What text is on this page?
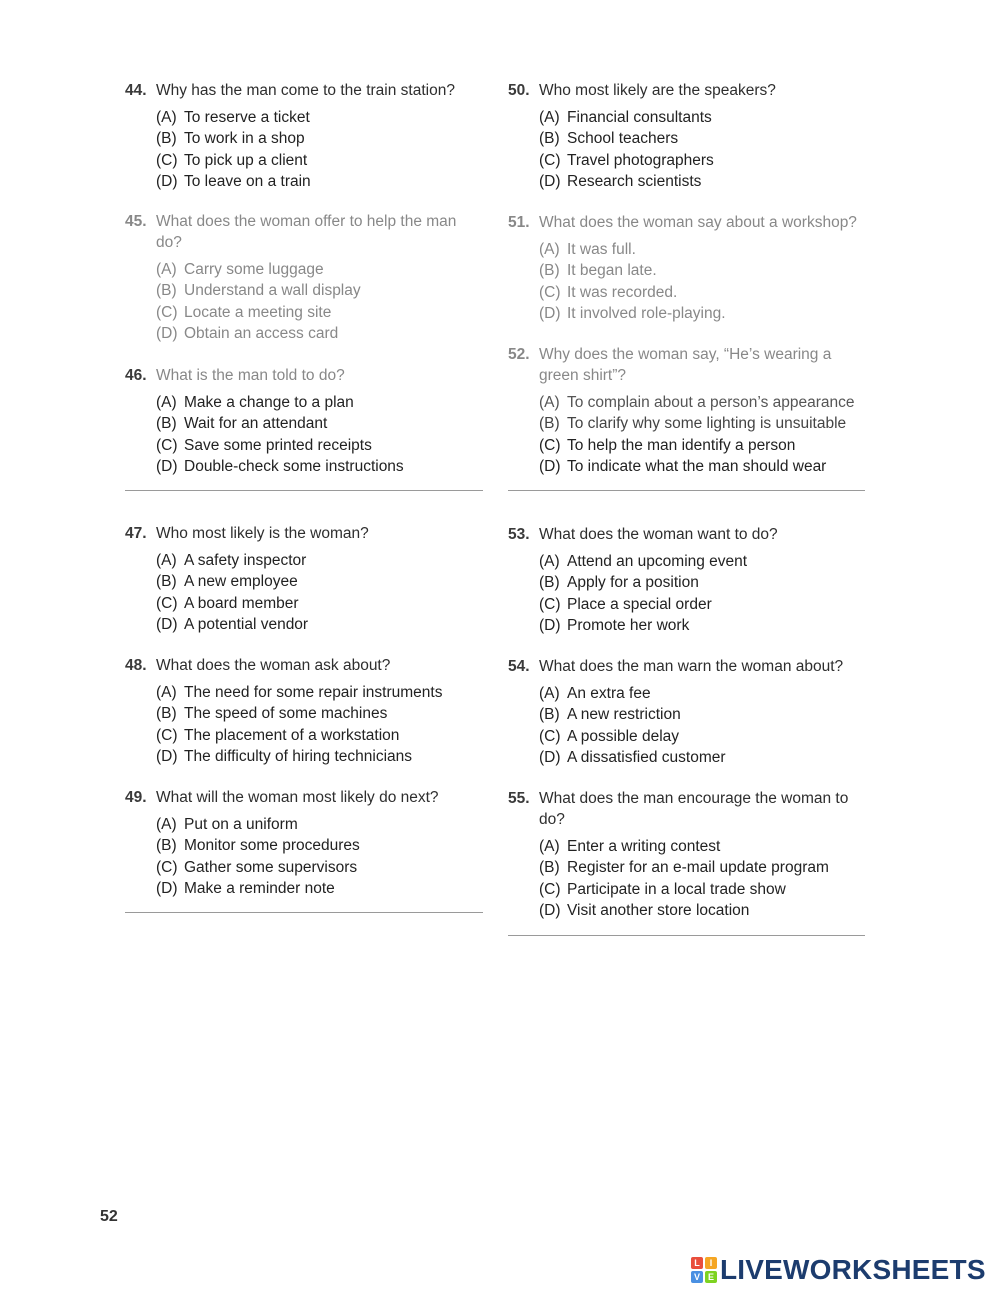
44. Why has the man come to the train station?
(A) To reserve a ticket
(B) To work in a shop
(C) To pick up a client
(D) To leave on a train
45. What does the woman offer to help the man do?
(A) Carry some luggage
(B) Understand a wall display
(C) Locate a meeting site
(D) Obtain an access card
46. What is the man told to do?
(A) Make a change to a plan
(B) Wait for an attendant
(C) Save some printed receipts
(D) Double-check some instructions
47. Who most likely is the woman?
(A) A safety inspector
(B) A new employee
(C) A board member
(D) A potential vendor
48. What does the woman ask about?
(A) The need for some repair instruments
(B) The speed of some machines
(C) The placement of a workstation
(D) The difficulty of hiring technicians
49. What will the woman most likely do next?
(A) Put on a uniform
(B) Monitor some procedures
(C) Gather some supervisors
(D) Make a reminder note
50. Who most likely are the speakers?
(A) Financial consultants
(B) School teachers
(C) Travel photographers
(D) Research scientists
51. What does the woman say about a workshop?
(A) It was full.
(B) It began late.
(C) It was recorded.
(D) It involved role-playing.
52. Why does the woman say, “He’s wearing a green shirt”?
(A) To complain about a person’s appearance
(B) To clarify why some lighting is unsuitable
(C) To help the man identify a person
(D) To indicate what the man should wear
53. What does the woman want to do?
(A) Attend an upcoming event
(B) Apply for a position
(C) Place a special order
(D) Promote her work
54. What does the man warn the woman about?
(A) An extra fee
(B) A new restriction
(C) A possible delay
(D) A dissatisfied customer
55. What does the man encourage the woman to do?
(A) Enter a writing contest
(B) Register for an e-mail update program
(C) Participate in a local trade show
(D) Visit another store location
52
L	I
V E LIVEWORKSHEETS
